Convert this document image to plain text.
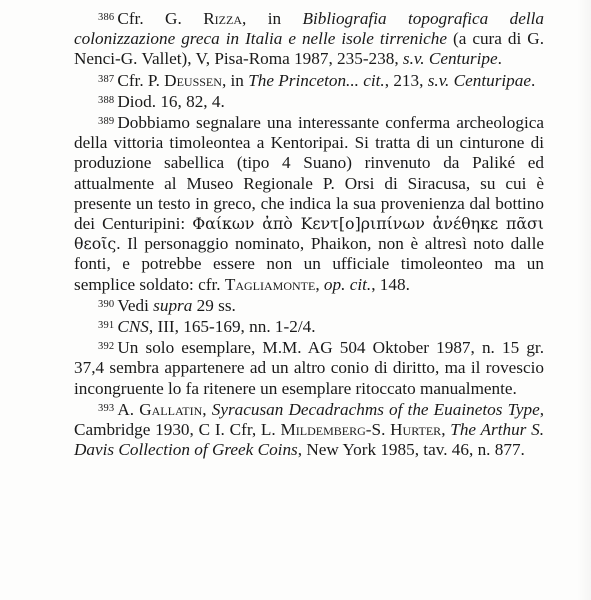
$^{386}$ Cfr. G. Rizza, in Bibliografia topografica della colonizzazione greca in Italia e nelle isole tirreniche (a cura di G. Nenci-G. Vallet), V, Pisa-Roma 1987, 235-238, s.v. Centuripe.

$^{387}$ Cfr. P. Deussen, in The Princeton... cit., 213, s.v. Centuripae.

$^{388}$ Diod. 16, 82, 4.

$^{389}$ Dobbiamo segnalare una interessante conferma archeologica della vittoria timoleontea a Kentoripai. Si tratta di un cinturone di produzione sabellica (tipo 4 Suano) rinvenuto da Paliké ed attualmente al Museo Regionale P. Orsi di Siracusa, su cui è presente un testo in greco, che indica la sua provenienza dal bottino dei Centuripini: Φαίκων ἀπὸ Κεντ[ο]ριπίνων ἀνέθηκε πᾶσι θεοῖς. Il personaggio nominato, Phaikon, non è altresì noto dalle fonti, e potrebbe essere non un ufficiale timoleonteo ma un semplice soldato: cfr. Tagliamonte, op. cit., 148.

$^{390}$ Vedi supra 29 ss.

$^{391}$ CNS, III, 165-169, nn. 1-2/4.

$^{392}$ Un solo esemplare, M.M. AG 504 Oktober 1987, n. 15 gr. 37,4 sembra appartenere ad un altro conio di diritto, ma il rovescio incongruente lo fa ritenere un esemplare ritoccato manualmente.

$^{393}$ A. Gallatin, Syracusan Decadrachms of the Euainetos Type, Cambridge 1930, C I. Cfr, L. Mildemberg-S. Hurter, The Arthur S. Davis Collection of Greek Coins, New York 1985, tav. 46, n. 877.
